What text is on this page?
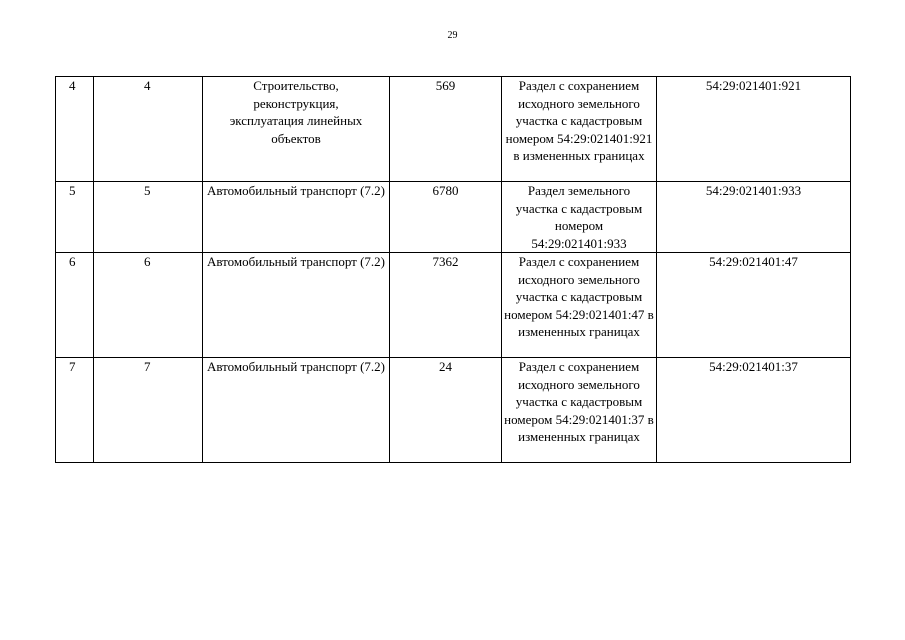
29
4	4	Строительство, реконструкция, эксплуатация линейных объектов	569	Раздел с сохранением исходного земельного участка с кадастровым номером 54:29:021401:921 в измененных границах	54:29:021401:921
5	5	Автомобильный транспорт (7.2)	6780	Раздел земельного участка с кадастровым номером 54:29:021401:933	54:29:021401:933
6	6	Автомобильный транспорт (7.2)	7362	Раздел с сохранением исходного земельного участка с кадастровым номером 54:29:021401:47 в измененных границах	54:29:021401:47
7	7	Автомобильный транспорт (7.2)	24	Раздел с сохранением исходного земельного участка с кадастровым номером 54:29:021401:37 в измененных границах	54:29:021401:37
